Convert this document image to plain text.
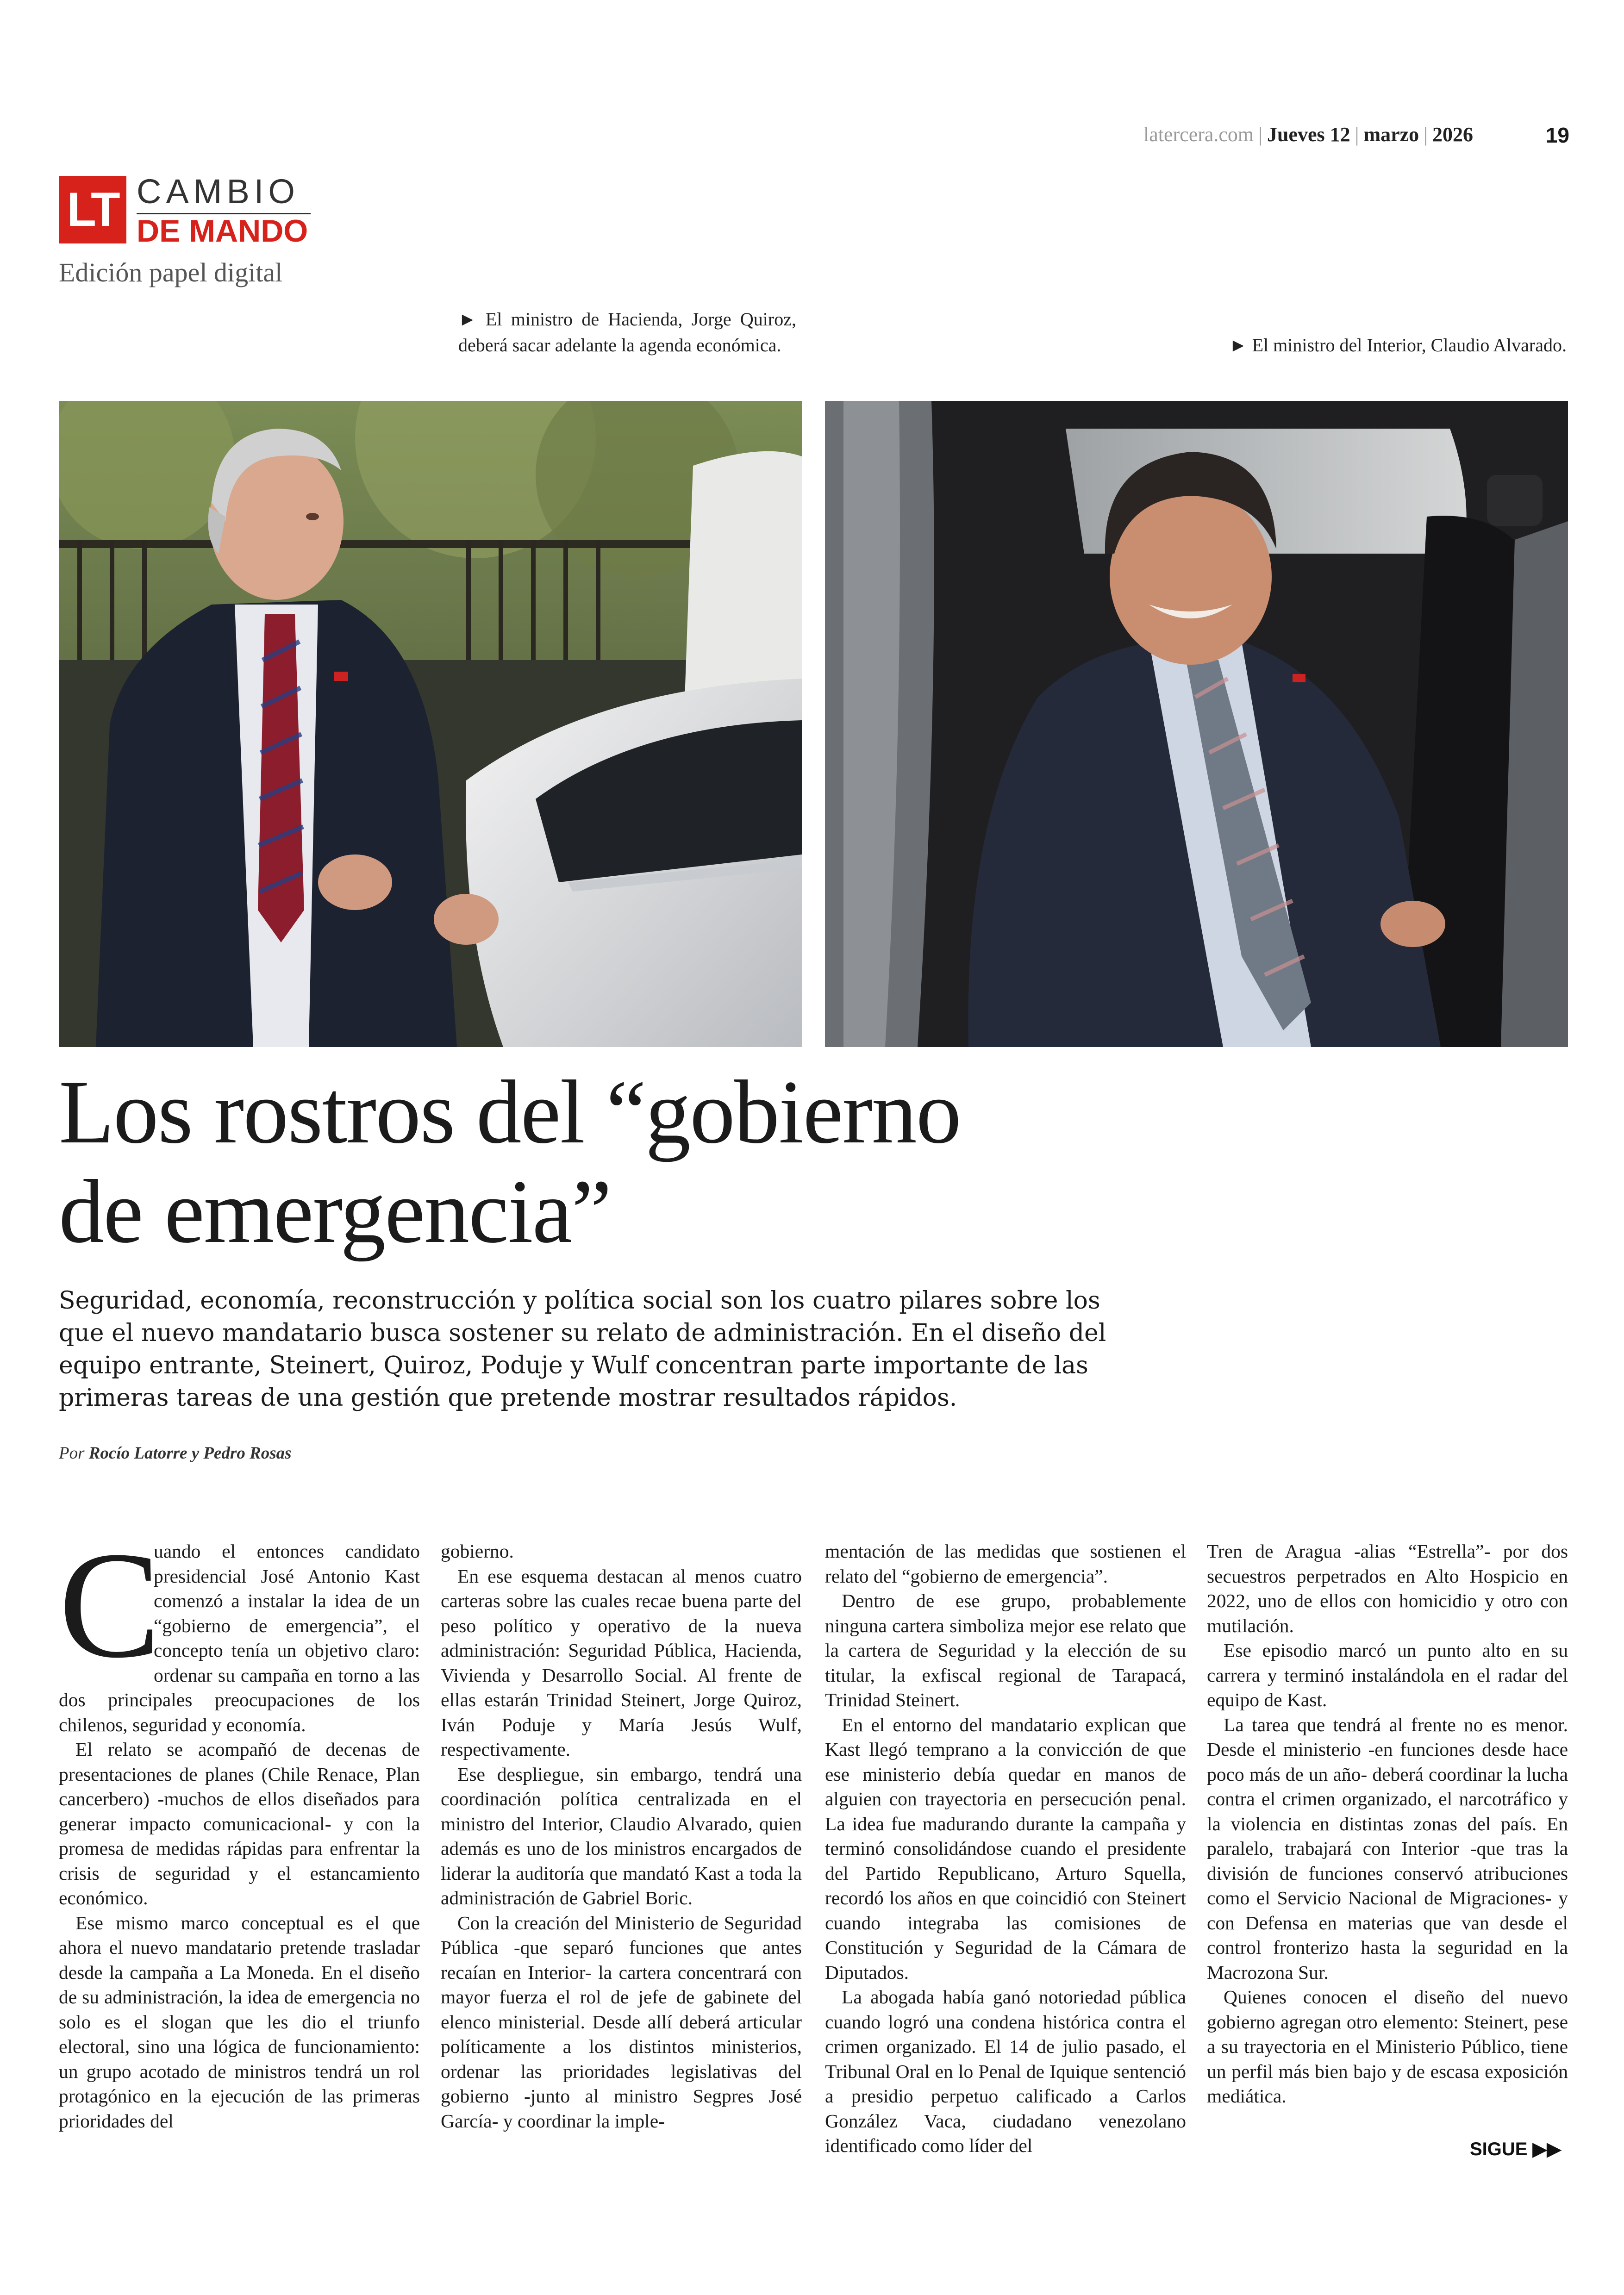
latercera.com | Jueves 12 | marzo | 2026	19
LT CAMBIO
DE MANDO
Edición papel digital
► El ministro de Hacienda, Jorge Quiroz, deberá sacar adelante la agenda económica.	► El ministro del Interior, Claudio Alvarado.
Los rostros del “gobierno
de emergencia”
Seguridad, economía, reconstrucción y política social son los cuatro pilares sobre los que el nuevo mandatario busca sostener su relato de administración. En el diseño del equipo entrante, Steinert, Quiroz, Poduje y Wulf concentran parte importante de las primeras tareas de una gestión que pretende mostrar resultados rápidos.
Por Rocío Latorre y Pedro Rosas
C

uando el entonces candidato presidencial José Antonio Kast comenzó a instalar la idea de un “gobierno de emergencia”, el concepto tenía un objetivo claro: ordenar su campaña en torno a las dos principales preocupaciones de los chilenos, seguridad y economía.

El relato se acompañó de decenas de presentaciones de planes (Chile Renace, Plan cancerbero) -muchos de ellos diseñados para generar impacto comunicacional- y con la promesa de medidas rápidas para enfrentar la crisis de seguridad y el estancamiento económico.

Ese mismo marco conceptual es el que ahora el nuevo mandatario pretende trasladar desde la campaña a La Moneda. En el diseño de su administración, la idea de emergencia no solo es el slogan que les dio el triunfo electoral, sino una lógica de funcionamiento: un grupo acotado de ministros tendrá un rol protagónico en la ejecución de las primeras prioridades del

gobierno.

En ese esquema destacan al menos cuatro carteras sobre las cuales recae buena parte del peso político y operativo de la nueva administración: Seguridad Pública, Hacienda, Vivienda y Desarrollo Social. Al frente de ellas estarán Trinidad Steinert, Jorge Quiroz, Iván Poduje y María Jesús Wulf, respectivamente.

Ese despliegue, sin embargo, tendrá una coordinación política centralizada en el ministro del Interior, Claudio Alvarado, quien además es uno de los ministros encargados de liderar la auditoría que mandató Kast a toda la administración de Gabriel Boric.

Con la creación del Ministerio de Seguridad Pública -que separó funciones que antes recaían en Interior- la cartera concentrará con mayor fuerza el rol de jefe de gabinete del elenco ministerial. Desde allí deberá articular políticamente a los distintos ministerios, ordenar las prioridades legislativas del gobierno -junto al ministro Segpres José García- y coordinar la imple-

mentación de las medidas que sostienen el relato del “gobierno de emergencia”.

Dentro de ese grupo, probablemente ninguna cartera simboliza mejor ese relato que la cartera de Seguridad y la elección de su titular, la exfiscal regional de Tarapacá, Trinidad Steinert.

En el entorno del mandatario explican que Kast llegó temprano a la convicción de que ese ministerio debía quedar en manos de alguien con trayectoria en persecución penal. La idea fue madurando durante la campaña y terminó consolidándose cuando el presidente del Partido Republicano, Arturo Squella, recordó los años en que coincidió con Steinert cuando integraba las comisiones de Constitución y Seguridad de la Cámara de Diputados.

La abogada había ganó notoriedad pública cuando logró una condena histórica contra el crimen organizado. El 14 de julio pasado, el Tribunal Oral en lo Penal de Iquique sentenció a presidio perpetuo calificado a Carlos González Vaca, ciudadano venezolano identificado como líder del

Tren de Aragua -alias “Estrella”- por dos secuestros perpetrados en Alto Hospicio en 2022, uno de ellos con homicidio y otro con mutilación.

Ese episodio marcó un punto alto en su carrera y terminó instalándola en el radar del equipo de Kast.

La tarea que tendrá al frente no es menor. Desde el ministerio -en funciones desde hace poco más de un año- deberá coordinar la lucha contra el crimen organizado, el narcotráfico y la violencia en distintas zonas del país. En paralelo, trabajará con Interior -que tras la división de funciones conservó atribuciones como el Servicio Nacional de Migraciones- y con Defensa en materias que van desde el control fronterizo hasta la seguridad en la Macrozona Sur.

Quienes conocen el diseño del nuevo gobierno agregan otro elemento: Steinert, pese a su trayectoria en el Ministerio Público, tiene un perfil más bien bajo y de escasa exposición mediática.

SIGUE ▶▶
